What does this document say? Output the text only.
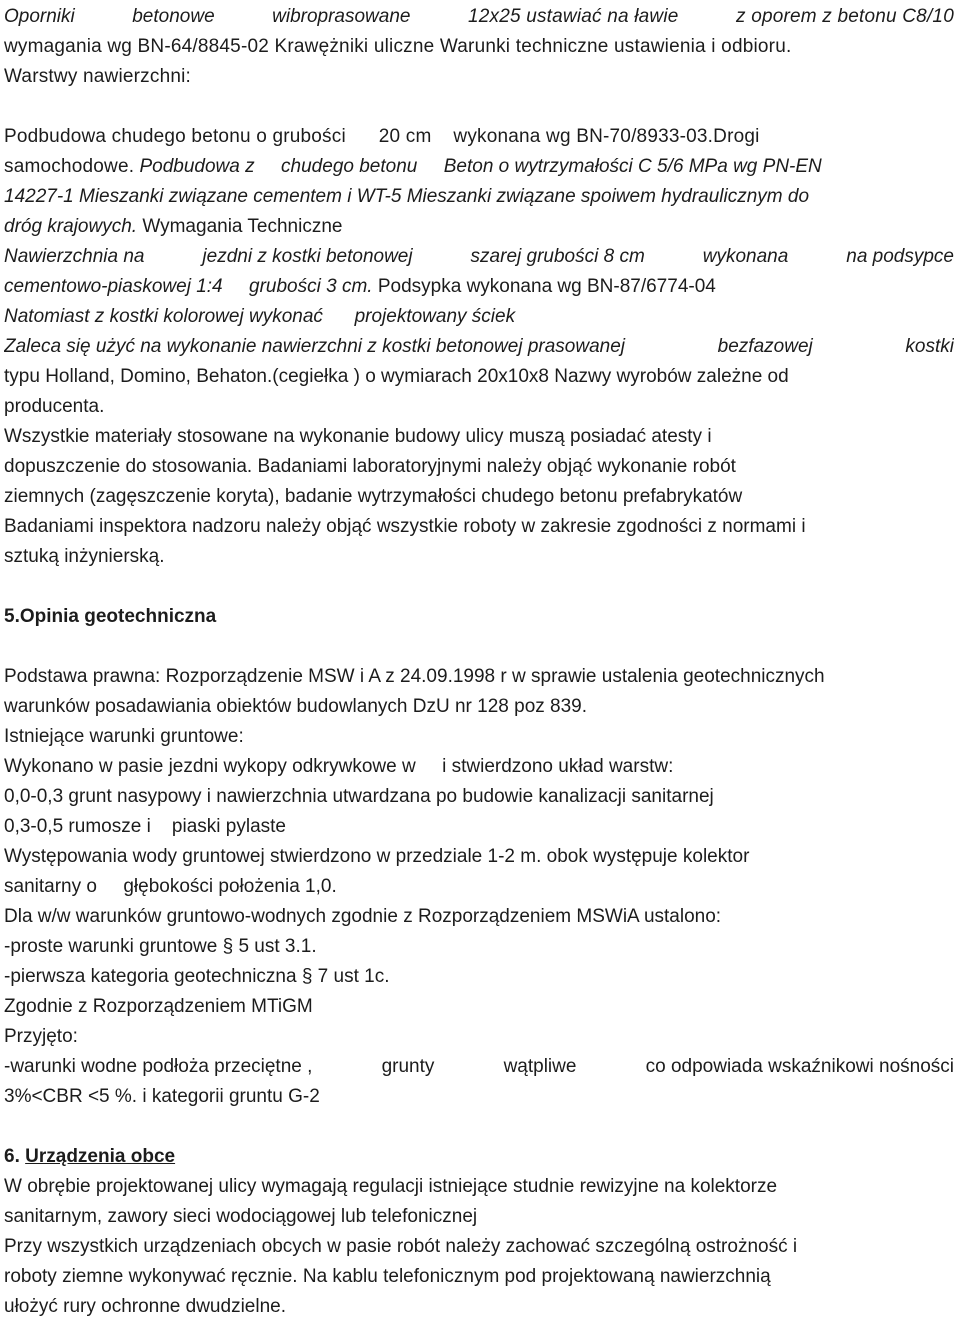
Oporniki	betonowe	wibroprasowane	12x25 ustawiać na ławie	z oporem z betonu C8/10
wymagania wg BN-64/8845-02 Krawężniki uliczne Warunki techniczne ustawienia i odbioru.
Warstwy nawierzchni:
Podbudowa chudego betonu o grubości 20 cm wykonana wg BN-70/8933-03.Drogi
samochodowe. Podbudowa z chudego betonu Beton o wytrzymałości C 5/6 MPa wg PN-EN
14227-1 Mieszanki związane cementem i WT-5 Mieszanki związane spoiwem hydraulicznym do
dróg krajowych. Wymagania Techniczne
Nawierzchnia na	jezdni z kostki betonowej	szarej grubości 8 cm	wykonana	na podsypce
cementowo-piaskowej 1:4 grubości 3 cm. Podsypka wykonana wg BN-87/6774-04
Natomiast z kostki kolorowej wykonać projektowany ściek
Zaleca się użyć na wykonanie nawierzchni z kostki betonowej prasowanej	bezfazowej	kostki
typu Holland, Domino, Behaton.(cegiełka ) o wymiarach 20x10x8 Nazwy wyrobów zależne od
producenta.
Wszystkie materiały stosowane na wykonanie budowy ulicy muszą posiadać atesty i
dopuszczenie do stosowania. Badaniami laboratoryjnymi należy objąć wykonanie robót
ziemnych (zagęszczenie koryta), badanie wytrzymałości chudego betonu prefabrykatów
Badaniami inspektora nadzoru należy objąć wszystkie roboty w zakresie zgodności z normami i
sztuką inżynierską.
5.Opinia geotechniczna
Podstawa prawna: Rozporządzenie MSW i A z 24.09.1998 r w sprawie ustalenia geotechnicznych
warunków posadawiania obiektów budowlanych DzU nr 128 poz 839.
Istniejące warunki gruntowe:
Wykonano w pasie jezdni wykopy odkrywkowe w i stwierdzono układ warstw:
0,0-0,3 grunt nasypowy i nawierzchnia utwardzana po budowie kanalizacji sanitarnej
0,3-0,5 rumosze i piaski pylaste
Występowania wody gruntowej stwierdzono w przedziale 1-2 m. obok występuje kolektor
sanitarny o głębokości położenia 1,0.
Dla w/w warunków gruntowo-wodnych zgodnie z Rozporządzeniem MSWiA ustalono:
-proste warunki gruntowe § 5 ust 3.1.
-pierwsza kategoria geotechniczna § 7 ust 1c.
Zgodnie z Rozporządzeniem MTiGM
Przyjęto:
-warunki wodne podłoża przeciętne ,	grunty	wątpliwe	co odpowiada wskaźnikowi nośności
3%<CBR <5 %. i kategorii gruntu G-2
6. Urządzenia obce
W obrębie projektowanej ulicy wymagają regulacji istniejące studnie rewizyjne na kolektorze
sanitarnym, zawory sieci wodociągowej lub telefonicznej
Przy wszystkich urządzeniach obcych w pasie robót należy zachować szczególną ostrożność i
roboty ziemne wykonywać ręcznie. Na kablu telefonicznym pod projektowaną nawierzchnią
ułożyć rury ochronne dwudzielne.
